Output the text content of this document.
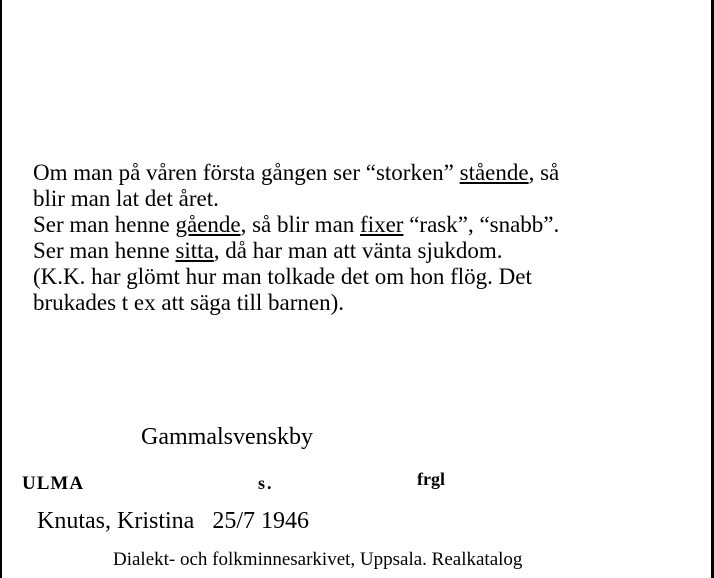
Om man på våren första gången ser “storken” stående, så
blir man lat det året.
Ser man henne gående, så blir man fixer “rask”, “snabb”.
Ser man henne sitta, då har man att vänta sjukdom.
(K.K. har glömt hur man tolkade det om hon flög. Det
brukades t ex att säga till barnen).
Gammalsvenskby
ULMA	s.	frgl
Knutas, Kristina 25/7 1946
Dialekt- och folkminnesarkivet, Uppsala. Realkatalog
